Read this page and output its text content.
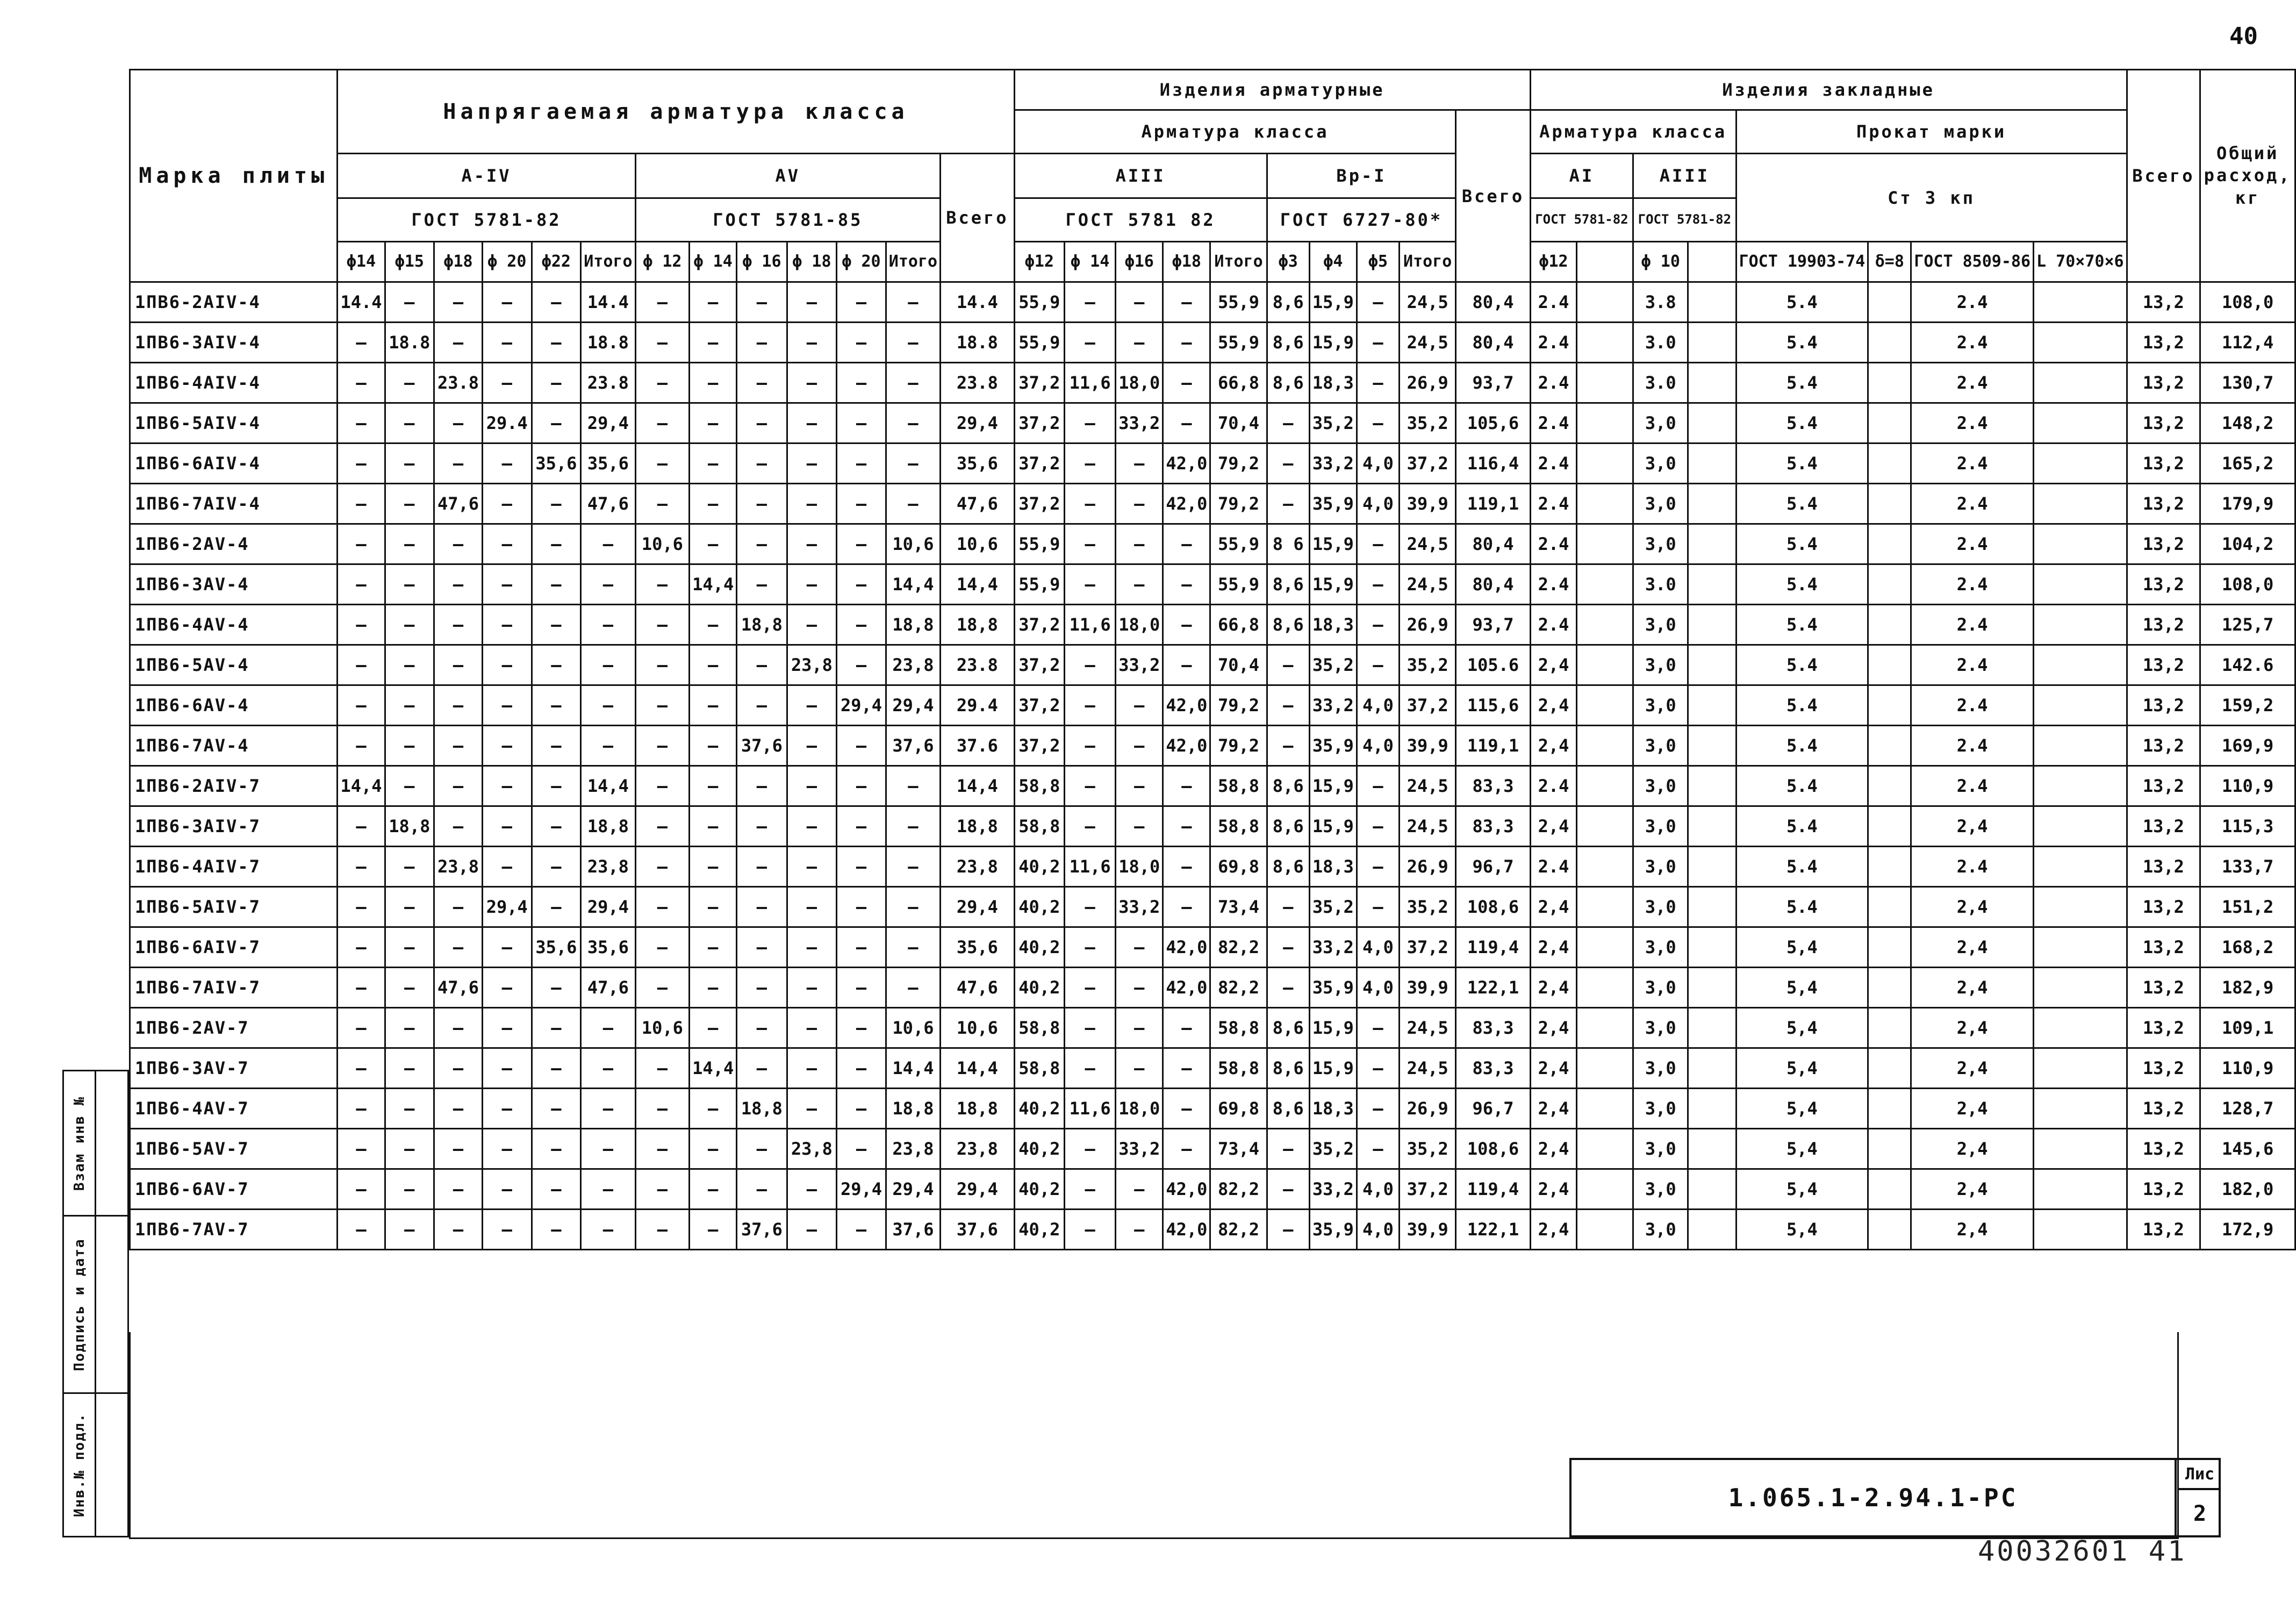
40
Марка плиты	Напрягаемая арматура класса													Изделия арматурные										Изделия закладные								Всего	Общий расход, кг
														Арматура класса									Всего	Арматура класса				Прокат марки					
	А-IV						АV						Всего	АIII					Вр-I					АI		АIII		Ст 3 кп					
	ГОСТ 5781-82						ГОСТ 5781-85							ГОСТ 5781 82					ГОСТ 6727-80*					ГОСТ 5781-82		ГОСТ 5781-82							
	ϕ14	ϕ15	ϕ18	ϕ 20	ϕ22	Итого	ϕ 12	ϕ 14	ϕ 16	ϕ 18	ϕ 20	Итого		ϕ12	ϕ 14	ϕ16	ϕ18	Итого	ϕ3	ϕ4	ϕ5	Итого		ϕ12		ϕ 10		ГОСТ 19903-74	δ=8	ГОСТ 8509-86	L 70×70×6		
1ПВ6-2АIV-4	14.4	—	—	—	—	14.4	—	—	—	—	—	—	14.4	55,9	—	—	—	55,9	8,6	15,9	—	24,5	80,4	2.4		3.8		5.4		2.4		13,2	108,0
1ПВ6-3АIV-4	—	18.8	—	—	—	18.8	—	—	—	—	—	—	18.8	55,9	—	—	—	55,9	8,6	15,9	—	24,5	80,4	2.4		3.0		5.4		2.4		13,2	112,4
1ПВ6-4АIV-4	—	—	23.8	—	—	23.8	—	—	—	—	—	—	23.8	37,2	11,6	18,0	—	66,8	8,6	18,3	—	26,9	93,7	2.4		3.0		5.4		2.4		13,2	130,7
1ПВ6-5АIV-4	—	—	—	29.4	—	29,4	—	—	—	—	—	—	29,4	37,2	—	33,2	—	70,4	—	35,2	—	35,2	105,6	2.4		3,0		5.4		2.4		13,2	148,2
1ПВ6-6АIV-4	—	—	—	—	35,6	35,6	—	—	—	—	—	—	35,6	37,2	—	—	42,0	79,2	—	33,2	4,0	37,2	116,4	2.4		3,0		5.4		2.4		13,2	165,2
1ПВ6-7АIV-4	—	—	47,6	—	—	47,6	—	—	—	—	—	—	47,6	37,2	—	—	42,0	79,2	—	35,9	4,0	39,9	119,1	2.4		3,0		5.4		2.4		13,2	179,9
1ПВ6-2АV-4	—	—	—	—	—	—	10,6	—	—	—	—	10,6	10,6	55,9	—	—	—	55,9	8 6	15,9	—	24,5	80,4	2.4		3,0		5.4		2.4		13,2	104,2
1ПВ6-3АV-4	—	—	—	—	—	—	—	14,4	—	—	—	14,4	14,4	55,9	—	—	—	55,9	8,6	15,9	—	24,5	80,4	2.4		3.0		5.4		2.4		13,2	108,0
1ПВ6-4АV-4	—	—	—	—	—	—	—	—	18,8	—	—	18,8	18,8	37,2	11,6	18,0	—	66,8	8,6	18,3	—	26,9	93,7	2.4		3,0		5.4		2.4		13,2	125,7
1ПВ6-5АV-4	—	—	—	—	—	—	—	—	—	23,8	—	23,8	23.8	37,2	—	33,2	—	70,4	—	35,2	—	35,2	105.6	2,4		3,0		5.4		2.4		13,2	142.6
1ПВ6-6АV-4	—	—	—	—	—	—	—	—	—	—	29,4	29,4	29.4	37,2	—	—	42,0	79,2	—	33,2	4,0	37,2	115,6	2,4		3,0		5.4		2.4		13,2	159,2
1ПВ6-7АV-4	—	—	—	—	—	—	—	—	37,6	—	—	37,6	37.6	37,2	—	—	42,0	79,2	—	35,9	4,0	39,9	119,1	2,4		3,0		5.4		2.4		13,2	169,9
1ПВ6-2АIV-7	14,4	—	—	—	—	14,4	—	—	—	—	—	—	14,4	58,8	—	—	—	58,8	8,6	15,9	—	24,5	83,3	2.4		3,0		5.4		2.4		13,2	110,9
1ПВ6-3АIV-7	—	18,8	—	—	—	18,8	—	—	—	—	—	—	18,8	58,8	—	—	—	58,8	8,6	15,9	—	24,5	83,3	2,4		3,0		5.4		2,4		13,2	115,3
1ПВ6-4АIV-7	—	—	23,8	—	—	23,8	—	—	—	—	—	—	23,8	40,2	11,6	18,0	—	69,8	8,6	18,3	—	26,9	96,7	2.4		3,0		5.4		2.4		13,2	133,7
1ПВ6-5АIV-7	—	—	—	29,4	—	29,4	—	—	—	—	—	—	29,4	40,2	—	33,2	—	73,4	—	35,2	—	35,2	108,6	2,4		3,0		5.4		2,4		13,2	151,2
1ПВ6-6АIV-7	—	—	—	—	35,6	35,6	—	—	—	—	—	—	35,6	40,2	—	—	42,0	82,2	—	33,2	4,0	37,2	119,4	2,4		3,0		5,4		2,4		13,2	168,2
1ПВ6-7АIV-7	—	—	47,6	—	—	47,6	—	—	—	—	—	—	47,6	40,2	—	—	42,0	82,2	—	35,9	4,0	39,9	122,1	2,4		3,0		5,4		2,4		13,2	182,9
1ПВ6-2АV-7	—	—	—	—	—	—	10,6	—	—	—	—	10,6	10,6	58,8	—	—	—	58,8	8,6	15,9	—	24,5	83,3	2,4		3,0		5,4		2,4		13,2	109,1
1ПВ6-3АV-7	—	—	—	—	—	—	—	14,4	—	—	—	14,4	14,4	58,8	—	—	—	58,8	8,6	15,9	—	24,5	83,3	2,4		3,0		5,4		2,4		13,2	110,9
1ПВ6-4АV-7	—	—	—	—	—	—	—	—	18,8	—	—	18,8	18,8	40,2	11,6	18,0	—	69,8	8,6	18,3	—	26,9	96,7	2,4		3,0		5,4		2,4		13,2	128,7
1ПВ6-5АV-7	—	—	—	—	—	—	—	—	—	23,8	—	23,8	23,8	40,2	—	33,2	—	73,4	—	35,2	—	35,2	108,6	2,4		3,0		5,4		2,4		13,2	145,6
1ПВ6-6АV-7	—	—	—	—	—	—	—	—	—	—	29,4	29,4	29,4	40,2	—	—	42,0	82,2	—	33,2	4,0	37,2	119,4	2,4		3,0		5,4		2,4		13,2	182,0
1ПВ6-7АV-7	—	—	—	—	—	—	—	—	37,6	—	—	37,6	37,6	40,2	—	—	42,0	82,2	—	35,9	4,0	39,9	122,1	2,4		3,0		5,4		2,4		13,2	172,9
Взам инв №
Подпись и дата
Инв.№ подл.	1.065.1-2.94.1-РС
Лис
2
40032601 41
